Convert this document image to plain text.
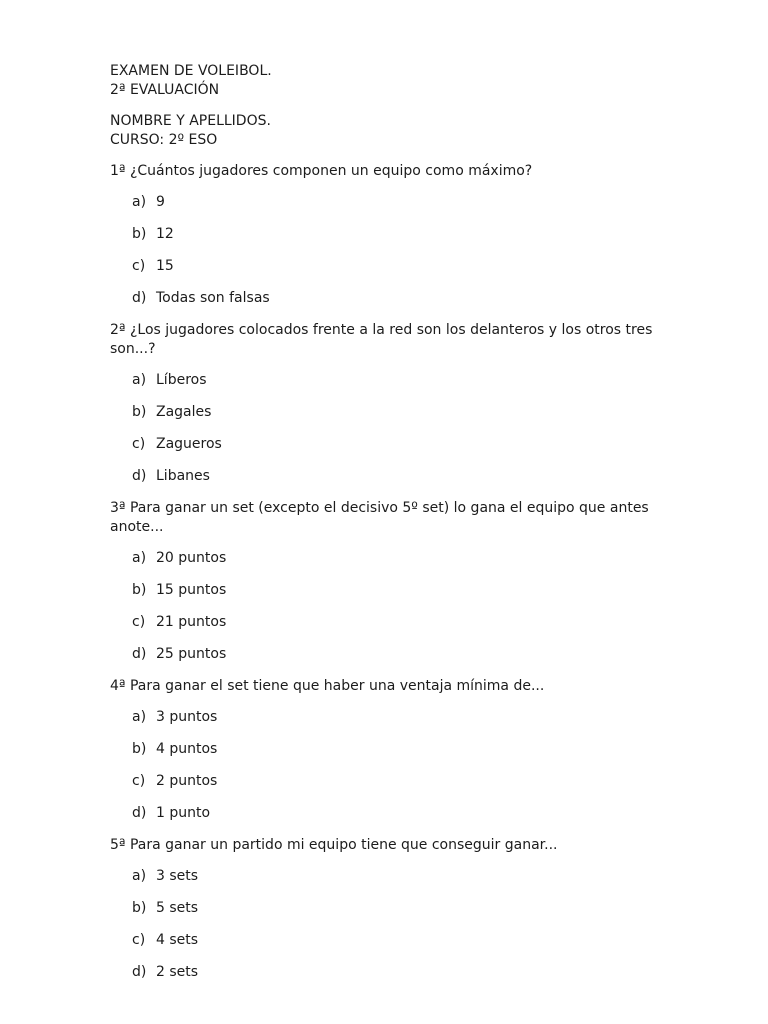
EXAMEN DE VOLEIBOL.
2ª EVALUACIÓN
NOMBRE Y APELLIDOS.
CURSO: 2º ESO
1ª ¿Cuántos jugadores componen un equipo como máximo?
a) 9
b) 12
c) 15
d) Todas son falsas
2ª ¿Los jugadores colocados frente a la red son los delanteros y los otros tres son...?
a) Líberos
b) Zagales
c) Zagueros
d) Libanes
3ª Para ganar un set (excepto el decisivo 5º set) lo gana el equipo que antes anote...
a) 20 puntos
b) 15 puntos
c) 21 puntos
d) 25 puntos
4ª Para ganar el set tiene que haber una ventaja mínima de...
a) 3 puntos
b) 4 puntos
c) 2 puntos
d) 1 punto
5ª Para ganar un partido mi equipo tiene que conseguir ganar...
a) 3 sets
b) 5 sets
c) 4 sets
d) 2 sets
